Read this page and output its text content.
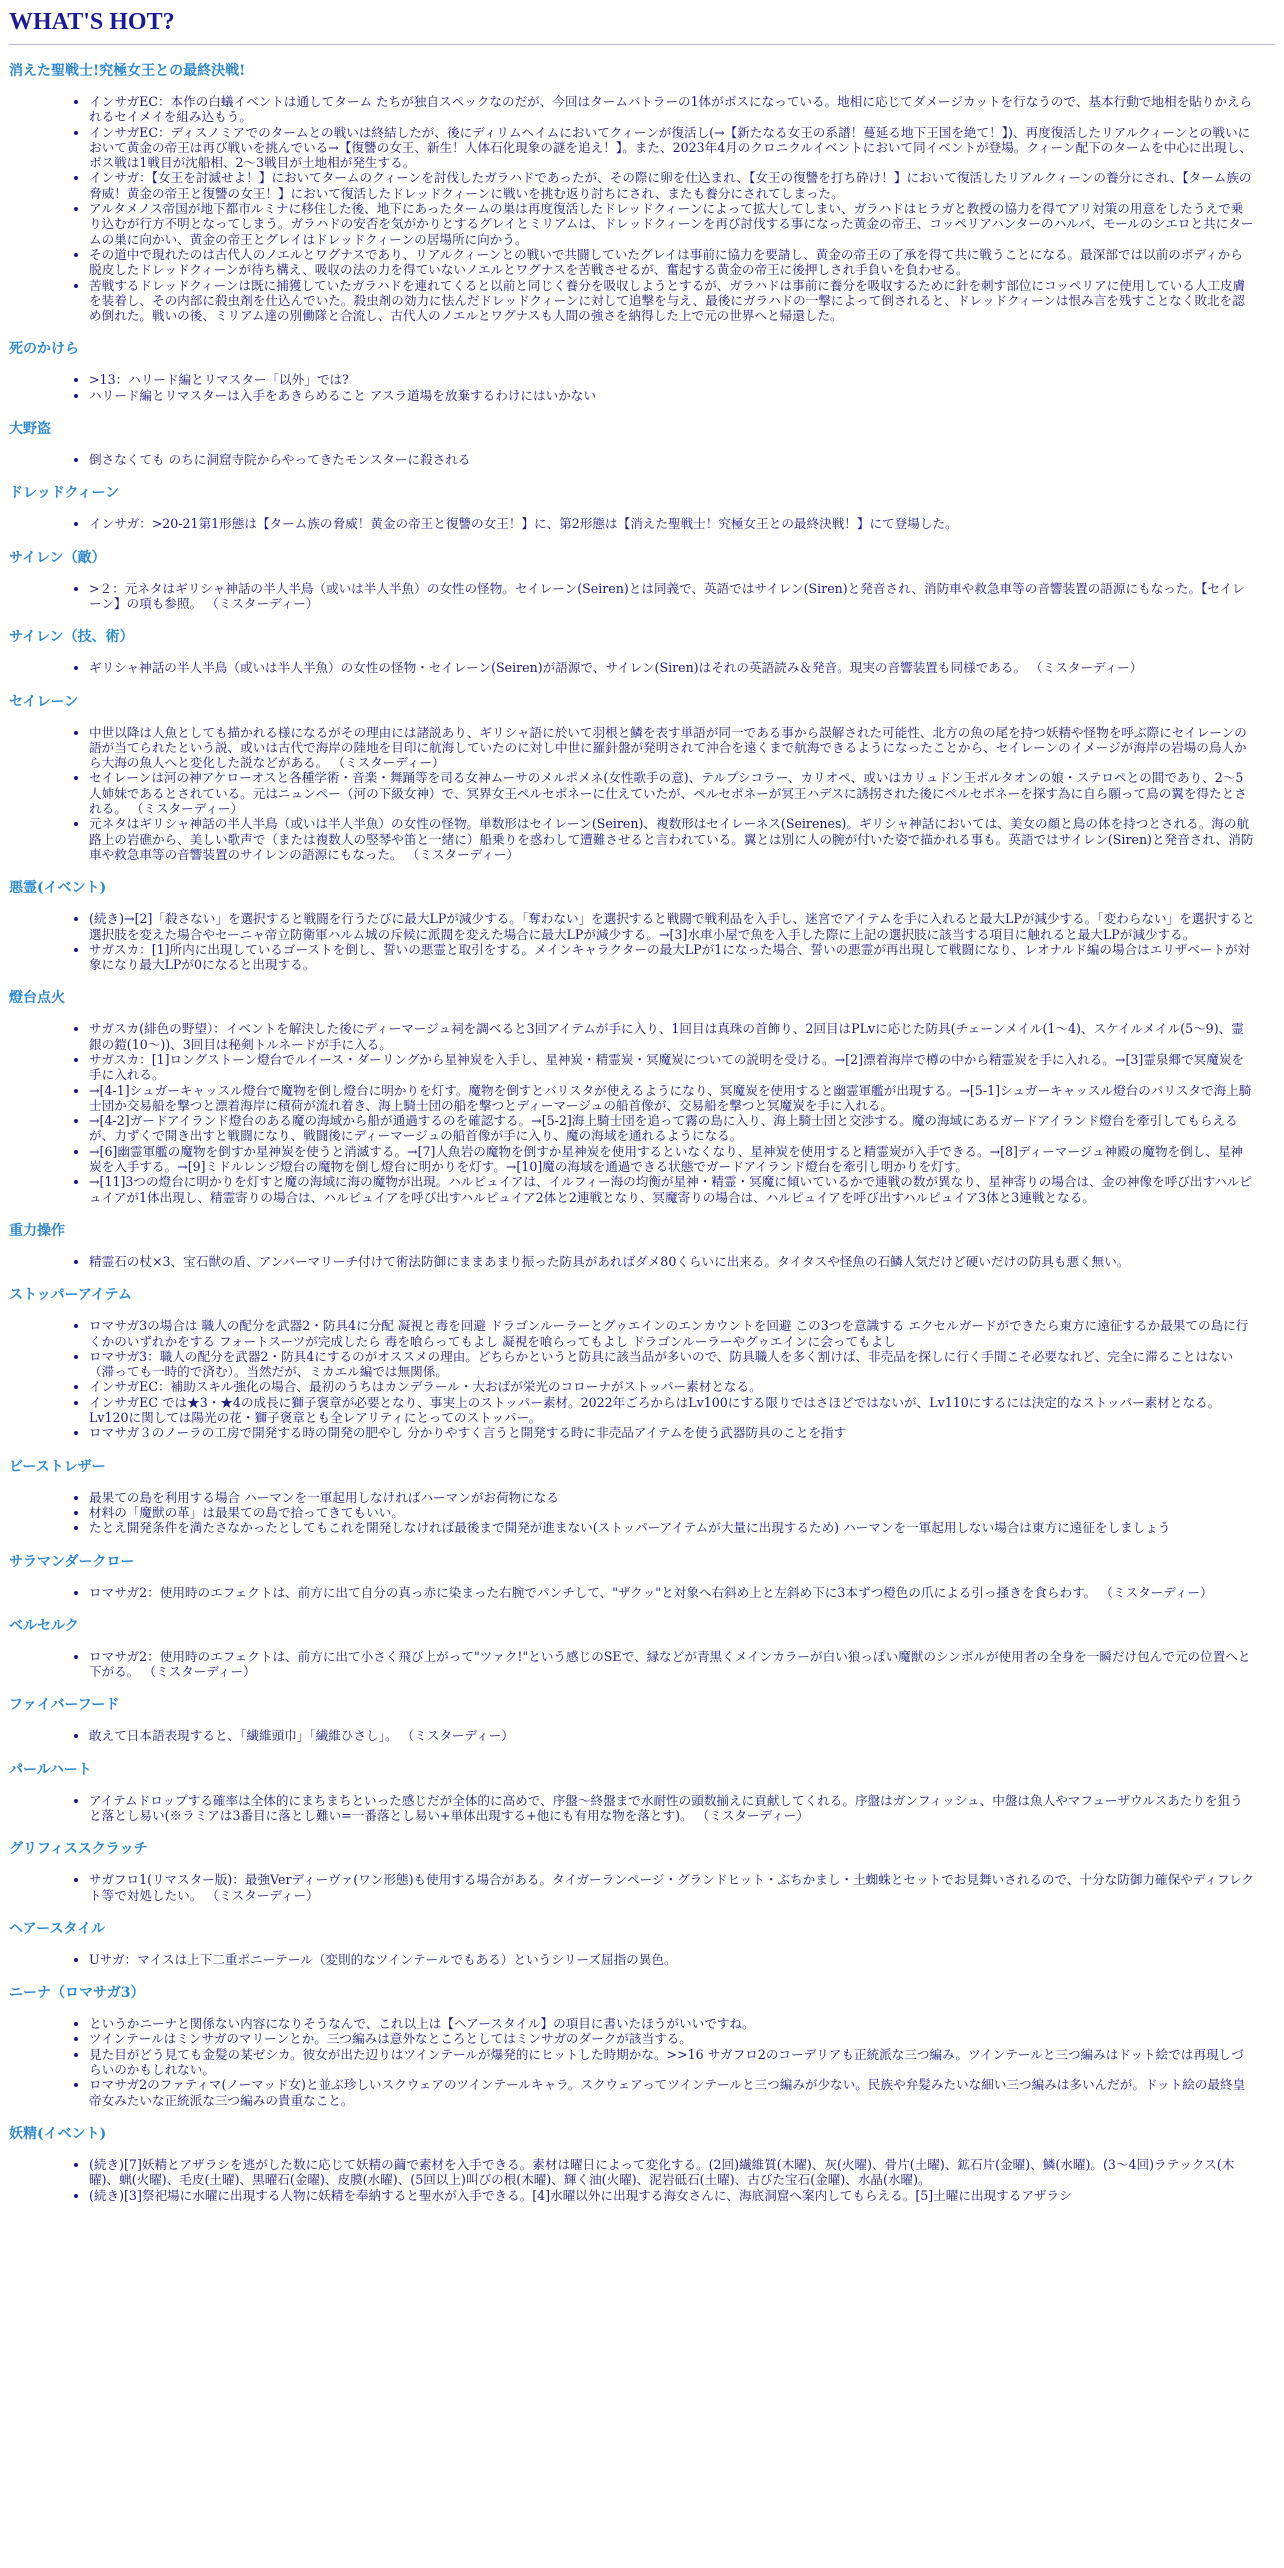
WHAT'S HOT?
消えた聖戦士!究極女王との最終決戦!
• インサガEC：本作の白蟻イベントは通してターム たちが独自スペックなのだが、今回はタームバトラーの1体がボスになっている。地相に応じてダメージカットを行なうので、基本行動で地相を貼りかえられるセイメイを組み込もう。
• インサガEC：ディスノミアでのタームとの戦いは終結したが、後にディリムヘイムにおいてクィーンが復活し(→【新たなる女王の系譜！蔓延る地下王国を絶て！】)、再度復活したリアルクィーンとの戦いにおいて黄金の帝王は再び戦いを挑んでいる→【復讐の女王、新生！人体石化現象の謎を追え！】。また、2023年4月のクロニクルイベントにおいて同イベントが登場。クィーン配下のタームを中心に出現し、ボス戦は1戦目が沈船相、2～3戦目が土地相が発生する。
• インサガ：【女王を討滅せよ！】においてタームのクィーンを討伐したガラハドであったが、その際に卵を仕込まれ、【女王の復讐を打ち砕け！】において復活したリアルクィーンの養分にされ、【ターム族の脅威！黄金の帝王と復讐の女王！】において復活したドレッドクィーンに戦いを挑む返り討ちにされ、またも養分にされてしまった。
• アルタメノス帝国が地下都市ルミナに移住した後、地下にあったタームの巣は再度復活したドレッドクィーンによって拡大してしまい、ガラハドはヒラガと教授の協力を得てアリ対策の用意をしたうえで乗り込むが行方不明となってしまう。ガラハドの安否を気がかりとするグレイとミリアムは、ドレッドクィーンを再び討伐する事になった黄金の帝王、コッペリアハンターのハルバ、モールのシエロと共にタームの巣に向かい、黄金の帝王とグレイはドレッドクィーンの居場所に向かう。
• その道中で現れたのは古代人のノエルとワグナスであり、リアルクィーンとの戦いで共闘していたグレイは事前に協力を要請し、黄金の帝王の了承を得て共に戦うことになる。最深部では以前のボディから脱皮したドレッドクィーンが待ち構え、吸収の法の力を得ていないノエルとワグナスを苦戦させるが、奮起する黄金の帝王に後押しされ手負いを負わせる。
• 苦戦するドレッドクィーンは既に捕獲していたガラハドを連れてくると以前と同じく養分を吸収しようとするが、ガラハドは事前に養分を吸収するために針を刺す部位にコッペリアに使用している人工皮膚を装着し、その内部に殺虫剤を仕込んでいた。殺虫剤の効力に怯んだドレッドクィーンに対して追撃を与え、最後にガラハドの一撃によって倒されると、ドレッドクィーンは恨み言を残すことなく敗北を認め倒れた。戦いの後、ミリアム達の別働隊と合流し、古代人のノエルとワグナスも人間の強さを納得した上で元の世界へと帰還した。
死のかけら
• >13：ハリード編とリマスター「以外」では?
• ハリード編とリマスターは入手をあきらめること アスラ道場を放棄するわけにはいかない
大野盗
• 倒さなくても のちに洞窟寺院からやってきたモンスターに殺される
ドレッドクィーン
• インサガ：>20-21第1形態は【ターム族の脅威！黄金の帝王と復讐の女王！】に、第2形態は【消えた聖戦士！究極女王との最終決戦！】にて登場した。
サイレン（敵）
• >２：元ネタはギリシャ神話の半人半鳥（或いは半人半魚）の女性の怪物。セイレーン(Seiren)とは同義で、英語ではサイレン(Siren)と発音され、消防車や救急車等の音響装置の語源にもなった。【セイレーン】の項も参照。 （ミスターディー）
サイレン（技、術）
• ギリシャ神話の半人半鳥（或いは半人半魚）の女性の怪物・セイレーン(Seiren)が語源で、サイレン(Siren)はそれの英語読み＆発音。現実の音響装置も同様である。 （ミスターディー）
セイレーン
• 中世以降は人魚としても描かれる様になるがその理由には諸説あり、ギリシャ語に於いて羽根と鱗を表す単語が同一である事から誤解された可能性、北方の魚の尾を持つ妖精や怪物を呼ぶ際にセイレーンの語が当てられたという説、或いは古代で海岸の陸地を目印に航海していたのに対し中世に羅針盤が発明されて沖合を遠くまで航海できるようになったことから、セイレーンのイメージが海岸の岩場の鳥人から大海の魚人へと変化した説などがある。 （ミスターディー）
• セイレーンは河の神アケローオスと各種学術・音楽・舞踊等を司る女神ムーサのメルポメネ(女性歌手の意)、テルプシコラー、カリオペ、或いはカリュドン王ポルタオンの娘・ステロペとの間であり、2～5人姉妹であるとされている。元はニュンペー（河の下級女神）で、冥界女王ペルセポネーに仕えていたが、ペルセポネーが冥王ハデスに誘拐された後にペルセポネーを探す為に自ら願って鳥の翼を得たとされる。 （ミスターディー）
• 元ネタはギリシャ神話の半人半鳥（或いは半人半魚）の女性の怪物。単数形はセイレーン(Seiren)、複数形はセイレーネス(Seirenes)。ギリシャ神話においては、美女の顔と鳥の体を持つとされる。海の航路上の岩礁から、美しい歌声で（または複数人の竪琴や笛と一緒に）船乗りを惑わして遭難させると言われている。翼とは別に人の腕が付いた姿で描かれる事も。英語ではサイレン(Siren)と発音され、消防車や救急車等の音響装置のサイレンの語源にもなった。 （ミスターディー）
悪霊(イベント)
• (続き)→[2]「殺さない」を選択すると戦闘を行うたびに最大LPが減少する。「奪わない」を選択すると戦闘で戦利品を入手し、迷宮でアイテムを手に入れると最大LPが減少する。「変わらない」を選択すると選択肢を変えた場合やセーニャ帝立防衛軍ハルム城の斥候に派閥を変えた場合に最大LPが減少する。→[3]水車小屋で魚を入手した際に上記の選択肢に該当する項目に触れると最大LPが減少する。
• サガスカ：[1]所内に出現しているゴーストを倒し、誓いの悪霊と取引をする。メインキャラクターの最大LPが1になった場合、誓いの悪霊が再出現して戦闘になり、レオナルド編の場合はエリザベートが対象になり最大LPが0になると出現する。
燈台点火
• サガスカ(緋色の野望）：イベントを解決した後にディーマージュ祠を調べると3回アイテムが手に入り、1回目は真珠の首飾り、2回目はPLvに応じた防具(チェーンメイル(1～4)、スケイルメイル(5～9)、霊銀の鎧(10～))、3回目は秘剣トルネードが手に入る。
• サガスカ：[1]ロングストーン燈台でルイース・ダーリングから星神炭を入手し、星神炭・精霊炭・冥魔炭についての説明を受ける。→[2]漂着海岸で樽の中から精霊炭を手に入れる。→[3]霊泉郷で冥魔炭を手に入れる。
• →[4-1]シュガーキャッスル燈台で魔物を倒し燈台に明かりを灯す。魔物を倒すとバリスタが使えるようになり、冥魔炭を使用すると幽霊軍艦が出現する。→[5-1]シュガーキャッスル燈台のバリスタで海上騎士団か交易船を撃つと漂着海岸に積荷が流れ着き、海上騎士団の船を撃つとディーマージュの船首像が、交易船を撃つと冥魔炭を手に入れる。
• →[4-2]ガードアイランド燈台のある魔の海域から船が通過するのを確認する。→[5-2]海上騎士団を追って霧の島に入り、海上騎士団と交渉する。魔の海域にあるガードアイランド燈台を牽引してもらえるが、力ずくで開き出すと戦闘になり、戦闘後にディーマージュの船首像が手に入り、魔の海域を通れるようになる。
• →[6]幽霊軍艦の魔物を倒すか星神炭を使うと消滅する。→[7]人魚岩の魔物を倒すか星神炭を使用するといなくなり、星神炭を使用すると精霊炭が入手できる。→[8]ディーマージュ神殿の魔物を倒し、星神炭を入手する。→[9]ミドルレンジ燈台の魔物を倒し燈台に明かりを灯す。→[10]魔の海域を通過できる状態でガードアイランド燈台を牽引し明かりを灯す。
• →[11]3つの燈台に明かりを灯すと魔の海域に海の魔物が出現。ハルピュイアは、イルフィー海の均衡が星神・精霊・冥魔に傾いているかで連戦の数が異なり、星神寄りの場合は、金の神像を呼び出すハルピュイアが1体出現し、精霊寄りの場合は、ハルピュイアを呼び出すハルピュイア2体と2連戦となり、冥魔寄りの場合は、ハルピュイアを呼び出すハルピュイア3体と3連戦となる。
重力操作
• 精霊石の杖×3、宝石獣の盾、アンバーマリーチ付けて術法防御にままあまり振った防具があればダメ80くらいに出来る。タイタスや怪魚の石鱗人気だけど硬いだけの防具も悪く無い。
ストッパーアイテム
• ロマサガ3の場合は 職人の配分を武器2・防具4に分配 凝視と毒を回避 ドラゴンルーラーとグゥエインのエンカウントを回避 この3つを意識する エクセルガードができたら東方に遠征するか最果ての島に行くかのいずれかをする フォートスーツが完成したら 毒を喰らってもよし 凝視を喰らってもよし ドラゴンルーラーやグゥエインに会ってもよし
• ロマサガ3：職人の配分を武器2・防具4にするのがオススメの理由。どちらかというと防具に該当品が多いので、防具職人を多く割けば、非売品を探しに行く手間こそ必要なれど、完全に滞ることはない（滞っても一時的で済む）。当然だが、ミカエル編では無関係。
• インサガEC：補助スキル強化の場合、最初のうちはカンデラール・大おばが栄光のコローナがストッパー素材となる。
• インサガEC では★3・★4の成長に獅子褒章が必要となり、事実上のストッパー素材。2022年ごろからはLv100にする限りではさほどではないが、Lv110にするには決定的なストッパー素材となる。Lv120に関しては陽光の花・獅子褒章とも全レアリティにとってのストッパー。
• ロマサガ３のノーラの工房で開発する時の開発の肥やし 分かりやすく言うと開発する時に非売品アイテムを使う武器防具のことを指す
ビーストレザー
• 最果ての島を利用する場合 ハーマンを一軍起用しなければハーマンがお荷物になる
• 材料の「魔獣の革」は最果ての島で拾ってきてもいい。
• たとえ開発条件を満たさなかったとしてもこれを開発しなければ最後まで開発が進まない(ストッパーアイテムが大量に出現するため) ハーマンを一軍起用しない場合は東方に遠征をしましょう
サラマンダークロー
• ロマサガ2：使用時のエフェクトは、前方に出て自分の真っ赤に染まった右腕でパンチして、"ザクッ"と対象へ右斜め上と左斜め下に3本ずつ橙色の爪による引っ掻きを食らわす。 （ミスターディー）
ベルセルク
• ロマサガ2：使用時のエフェクトは、前方に出て小さく飛び上がって"ツァク!"という感じのSEで、縁などが青黒くメインカラーが白い狼っぽい魔獣のシンボルが使用者の全身を一瞬だけ包んで元の位置へと下がる。 （ミスターディー）
ファイバーフード
• 敢えて日本語表現すると、「繊維頭巾」「繊維ひさし」。 （ミスターディー）
パールハート
• アイテムドロップする確率は全体的にまちまちといった感じだが全体的に高めで、序盤～終盤まで水耐性の頭数揃えに貢献してくれる。序盤はガンフィッシュ、中盤は魚人やマフューザウルスあたりを狙うと落とし易い(※ラミアは3番目に落とし難い=一番落とし易い+単体出現する+他にも有用な物を落とす)。 （ミスターディー）
グリフィススクラッチ
• サガフロ1(リマスター版)：最強Verディーヴァ(ワン形態)も使用する場合がある。タイガーランページ・グランドヒット・ぶちかまし・土蜘蛛とセットでお見舞いされるので、十分な防御力確保やディフレクト等で対処したい。 （ミスターディー）
ヘアースタイル
• Uサガ：マイスは上下二重ポニーテール（変則的なツインテールでもある）というシリーズ屈指の異色。
ニーナ（ロマサガ3）
• というかニーナと関係ない内容になりそうなんで、これ以上は【ヘアースタイル】の項目に書いたほうがいいですね。
• ツインテールはミンサガのマリーンとか。三つ編みは意外なところとしてはミンサガのダークが該当する。
• 見た目がどう見ても金髪の某ゼシカ。彼女が出た辺りはツインテールが爆発的にヒットした時期かな。>>16 サガフロ2のコーデリアも正統派な三つ編み。ツインテールと三つ編みはドット絵では再現しづらいのかもしれない。
• ロマサガ2のファティマ(ノーマッド女)と並ぶ珍しいスクウェアのツインテールキャラ。スクウェアってツインテールと三つ編みが少ない。民族や弁髪みたいな細い三つ編みは多いんだが。ドット絵の最終皇帝女みたいな正統派な三つ編みの貴重なこと。
妖精(イベント)
• (続き)[7]妖精とアザラシを逃がした数に応じて妖精の繭で素材を入手できる。素材は曜日によって変化する。(2回)繊維質(木曜)、灰(火曜)、骨片(土曜)、鉱石片(金曜)、鱗(水曜)。(3～4回)ラテックス(木曜)、蝋(火曜)、毛皮(土曜)、黒曜石(金曜)、皮膜(水曜)、(5回以上)叫びの根(木曜)、輝く油(火曜)、泥岩砥石(土曜)、古びた宝石(金曜)、水晶(水曜)。
• (続き)[3]祭祀場に水曜に出現する人物に妖精を奉納すると聖水が入手できる。[4]水曜以外に出現する海女さんに、海底洞窟へ案内してもらえる。[5]土曜に出現するアザラシ
